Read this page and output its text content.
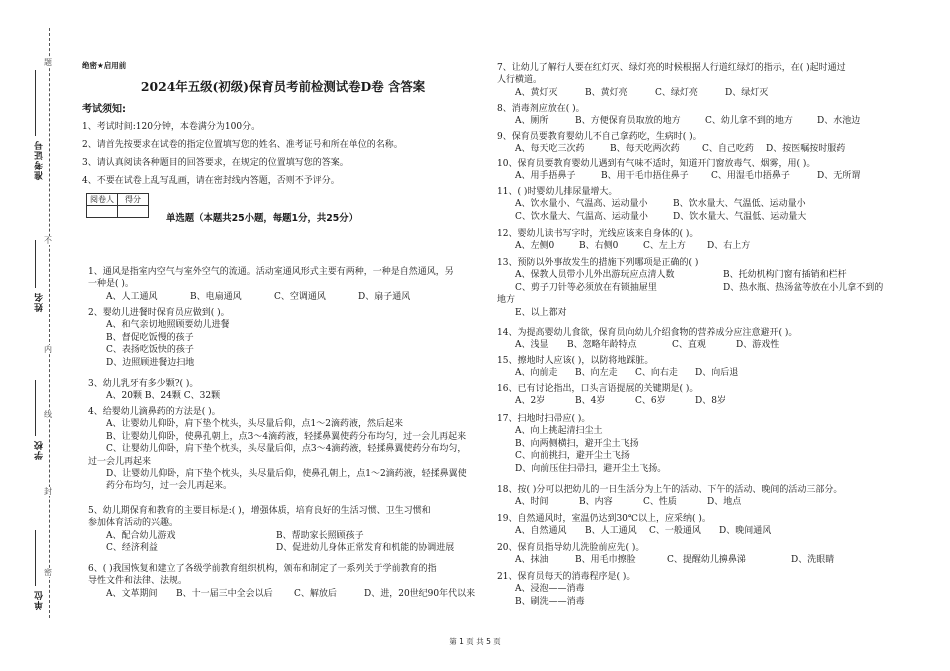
题
不
内
线
封
密
准考证号
姓名
学校
单位
绝密★启用前
2024年五级(初级)保育员考前检测试卷D卷 含答案
考试须知:
1、考试时间:120分钟，本卷满分为100分。
2、请首先按要求在试卷的指定位置填写您的姓名、准考证号和所在单位的名称。
3、请认真阅读各种题目的回答要求，在规定的位置填写您的答案。
4、不要在试卷上乱写乱画，请在密封线内答题，否则不予评分。
阅卷人	得分

单选题（本题共25小题，每题1分，共25分）
1、通风是指室内空气与室外空气的流通。活动室通风形式主要有两种，一种是自然通风，另
一种是( )。
A、人工通风	B、电扇通风	C、空调通风	D、扇子通风
2、婴幼儿进餐时保育员应做到( )。
A、和气亲切地照顾要幼儿进餐
B、督促吃饭慢的孩子
C、表扬吃饭快的孩子
D、边照顾进餐边扫地
3、幼儿乳牙有多少颗?( )。
A、20颗 B、24颗 C、32颗
4、给婴幼儿滴鼻药的方法是( )。
A、让婴幼儿仰卧，肩下垫个枕头，头尽量后仰，点1～2滴药液，然后起来
B、让婴幼儿仰卧，使鼻孔朝上，点3～4滴药液，轻揉鼻翼使药分布均匀，过一会儿再起来
C、让婴幼儿仰卧，肩下垫个枕头，头尽量后仰，点3～4滴药液，轻揉鼻翼使药分布均匀，
过一会儿再起来
D、让婴幼儿仰卧，肩下垫个枕头，头尽量后仰，使鼻孔朝上，点1～2滴药液，轻揉鼻翼使
药分布均匀，过一会儿再起来。
5、幼儿期保育和教育的主要目标是:( )，增强体质，培育良好的生活习惯、卫生习惯和
参加体育活动的兴趣。
A、配合幼儿游戏	B、帮助家长照顾孩子
C、经济利益	D、促进幼儿身体正常发育和机能的协调进展
6、( )我国恢复和建立了各级学前教育组织机构，颁布和制定了一系列关于学前教育的指
导性文件和法律、法规。
A、文革期间	B、十一届三中全会以后	C、解放后	D、进，20世纪90年代以来
7、让幼儿了解行人要在红灯灭、绿灯亮的时候根据人行道红绿灯的指示，在( )起时通过
人行横道。
A、黄灯灭	B、黄灯亮	C、绿灯亮	D、绿灯灭
8、消毒剂应放在( )。
A、厕所	B、方便保育员取放的地方	C、幼儿拿不到的地方	D、水池边
9、保育员要教育婴幼儿不自己拿药吃，生病时( )。
A、每天吃三次药	B、每天吃两次药	C、自己吃药	D、按医嘱按时服药
10、保育员要教育婴幼儿遇到有气味不适时，知道开门窗放毒气、烟雾，用( )。
A、用手捂鼻子	B、用干毛巾捂住鼻子	C、用湿毛巾捂鼻子	D、无所谓
11、( )时婴幼儿排尿量增大。
A、饮水量小、气温高、运动量小	B、饮水量大、气温低、运动量小
C、饮水量大、气温高、运动量小	D、饮水量大、气温低、运动量大
12、婴幼儿读书写字时，光线应该来自身体的( )。
A、左侧0	B、右侧0	C、左上方	D、右上方
13、预防以外事故发生的措施下列哪项是正确的( )
A、保教人员带小儿外出游玩应点清人数	B、托幼机构门窗有插销和栏杆
C、剪子刀针等必须放在有锁抽屉里	D、热水瓶、热汤盆等放在小儿拿不到的
地方
E、以上都对
14、为提高婴幼儿食欲，保育员向幼儿介绍食物的营养成分应注意避开( )。
A、浅显	B、忽略年龄特点	C、直观	D、游戏性
15、擦地时人应该( )，以防将地踩脏。
A、向前走	B、向左走	C、向右走	D、向后退
16、已有讨论指出，口头言语提展的关键期是( )。
A、2岁	B、4岁	C、6岁	D、8岁
17、扫地时扫帚应( )。
A、向上挑起清扫尘土
B、向两侧横扫，避开尘土飞扬
C、向前挑扫，避开尘土飞扬
D、向前压住扫帚扫，避开尘土飞扬。
18、按( )分可以把幼儿的一日生活分为上午的活动、下午的活动、晚间的活动三部分。
A、时间	B、内容	C、性质	D、地点
19、自然通风时，室温仍达到30℃以上，应采纳( )。
A、自然通风	B、人工通风	C、一般通风	D、晚间通风
20、保育员指导幼儿洗脸前应先( )。
A、抹油	B、用毛巾擦脸	C、提醒幼儿擤鼻涕	D、洗眼睛
21、保育员每天的消毒程序是( )。
A、浸泡——消毒
B、刷洗——消毒
第 1 页 共 5 页
